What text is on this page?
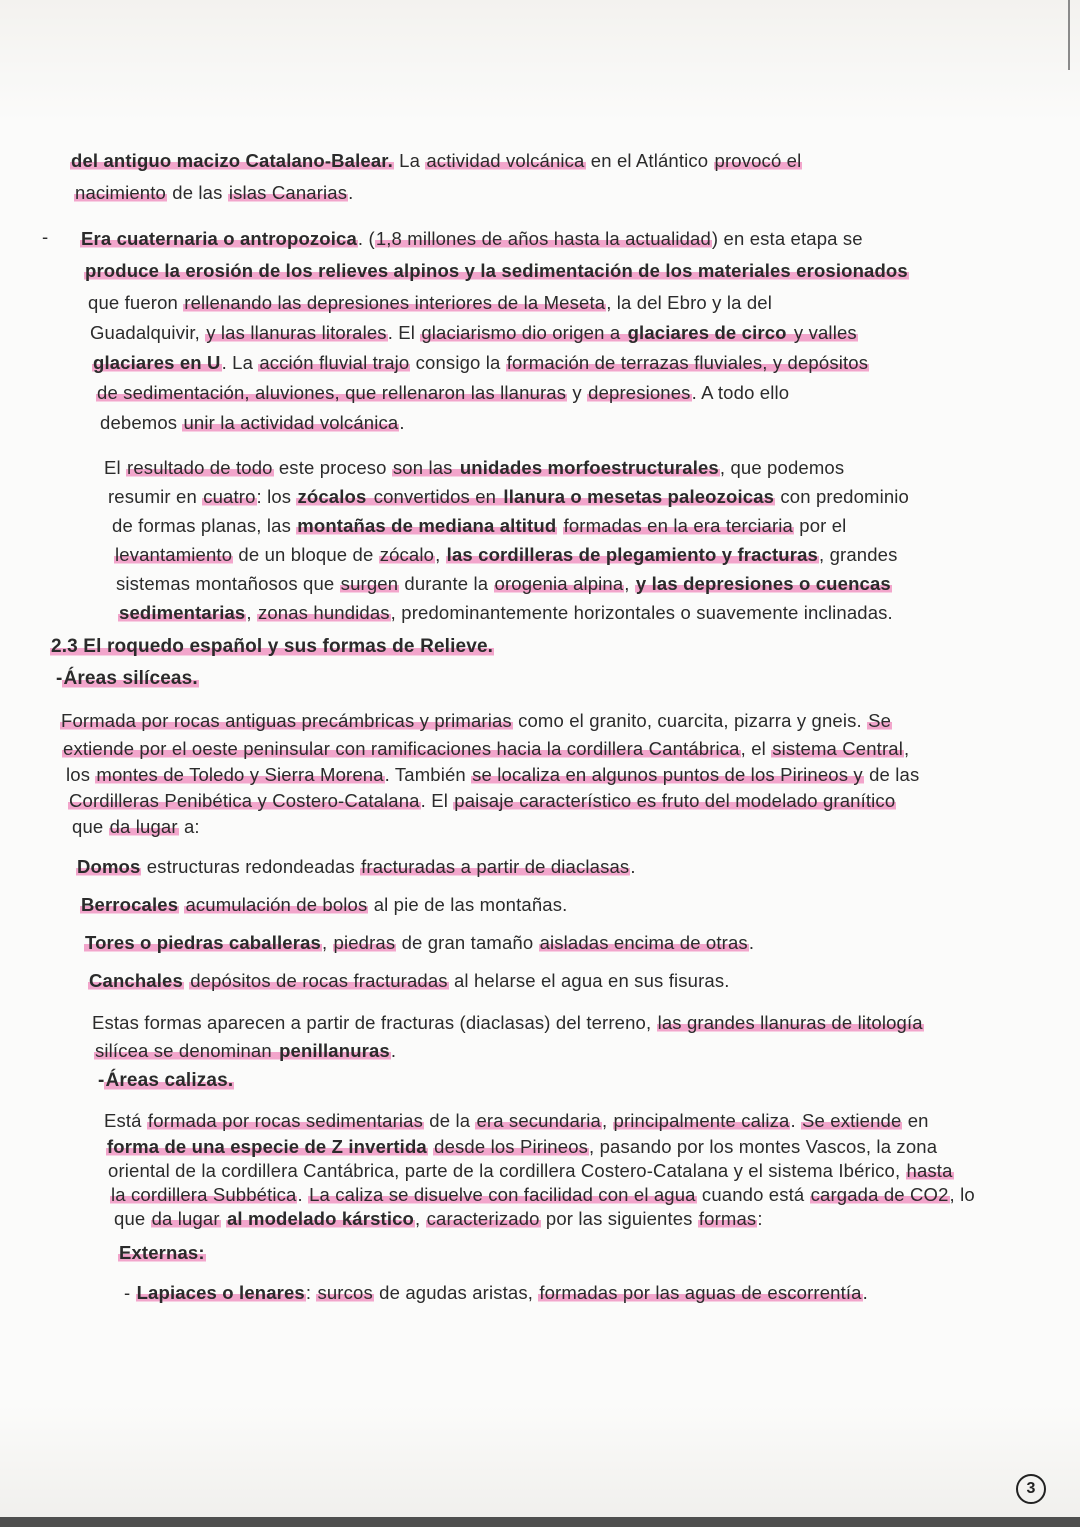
del antiguo macizo Catalano-Balear. La actividad volcánica en el Atlántico provocó el
nacimiento de las islas Canarias.
- Era cuaternaria o antropozoica. (1,8 millones de años hasta la actualidad) en esta etapa se
produce la erosión de los relieves alpinos y la sedimentación de los materiales erosionados
que fueron rellenando las depresiones interiores de la Meseta, la del Ebro y la del
Guadalquivir, y las llanuras litorales. El glaciarismo dio origen a glaciares de circo y valles
glaciares en U. La acción fluvial trajo consigo la formación de terrazas fluviales, y depósitos
de sedimentación, aluviones, que rellenaron las llanuras y depresiones. A todo ello
debemos unir la actividad volcánica.
El resultado de todo este proceso son las unidades morfoestructurales, que podemos
resumir en cuatro: los zócalos convertidos en llanura o mesetas paleozoicas con predominio
de formas planas, las montañas de mediana altitud formadas en la era terciaria por el
levantamiento de un bloque de zócalo, las cordilleras de plegamiento y fracturas, grandes
sistemas montañosos que surgen durante la orogenia alpina, y las depresiones o cuencas
sedimentarias, zonas hundidas, predominantemente horizontales o suavemente inclinadas.
2.3 El roquedo español y sus formas de Relieve.
-Áreas silíceas.
Formada por rocas antiguas precámbricas y primarias como el granito, cuarcita, pizarra y gneis. Se
extiende por el oeste peninsular con ramificaciones hacia la cordillera Cantábrica, el sistema Central,
los montes de Toledo y Sierra Morena. También se localiza en algunos puntos de los Pirineos y de las
Cordilleras Penibética y Costero-Catalana. El paisaje característico es fruto del modelado granítico
que da lugar a:
Domos estructuras redondeadas fracturadas a partir de diaclasas.
Berrocales acumulación de bolos al pie de las montañas.
Tores o piedras caballeras, piedras de gran tamaño aisladas encima de otras.
Canchales depósitos de rocas fracturadas al helarse el agua en sus fisuras.
Estas formas aparecen a partir de fracturas (diaclasas) del terreno, las grandes llanuras de litología
silícea se denominan penillanuras.
-Áreas calizas.
Está formada por rocas sedimentarias de la era secundaria, principalmente caliza. Se extiende en
forma de una especie de Z invertida desde los Pirineos, pasando por los montes Vascos, la zona
oriental de la cordillera Cantábrica, parte de la cordillera Costero-Catalana y el sistema Ibérico, hasta
la cordillera Subbética. La caliza se disuelve con facilidad con el agua cuando está cargada de CO2, lo
que da lugar al modelado kárstico, caracterizado por las siguientes formas:
Externas:
- Lapiaces o lenares: surcos de agudas aristas, formadas por las aguas de escorrentía.
3
